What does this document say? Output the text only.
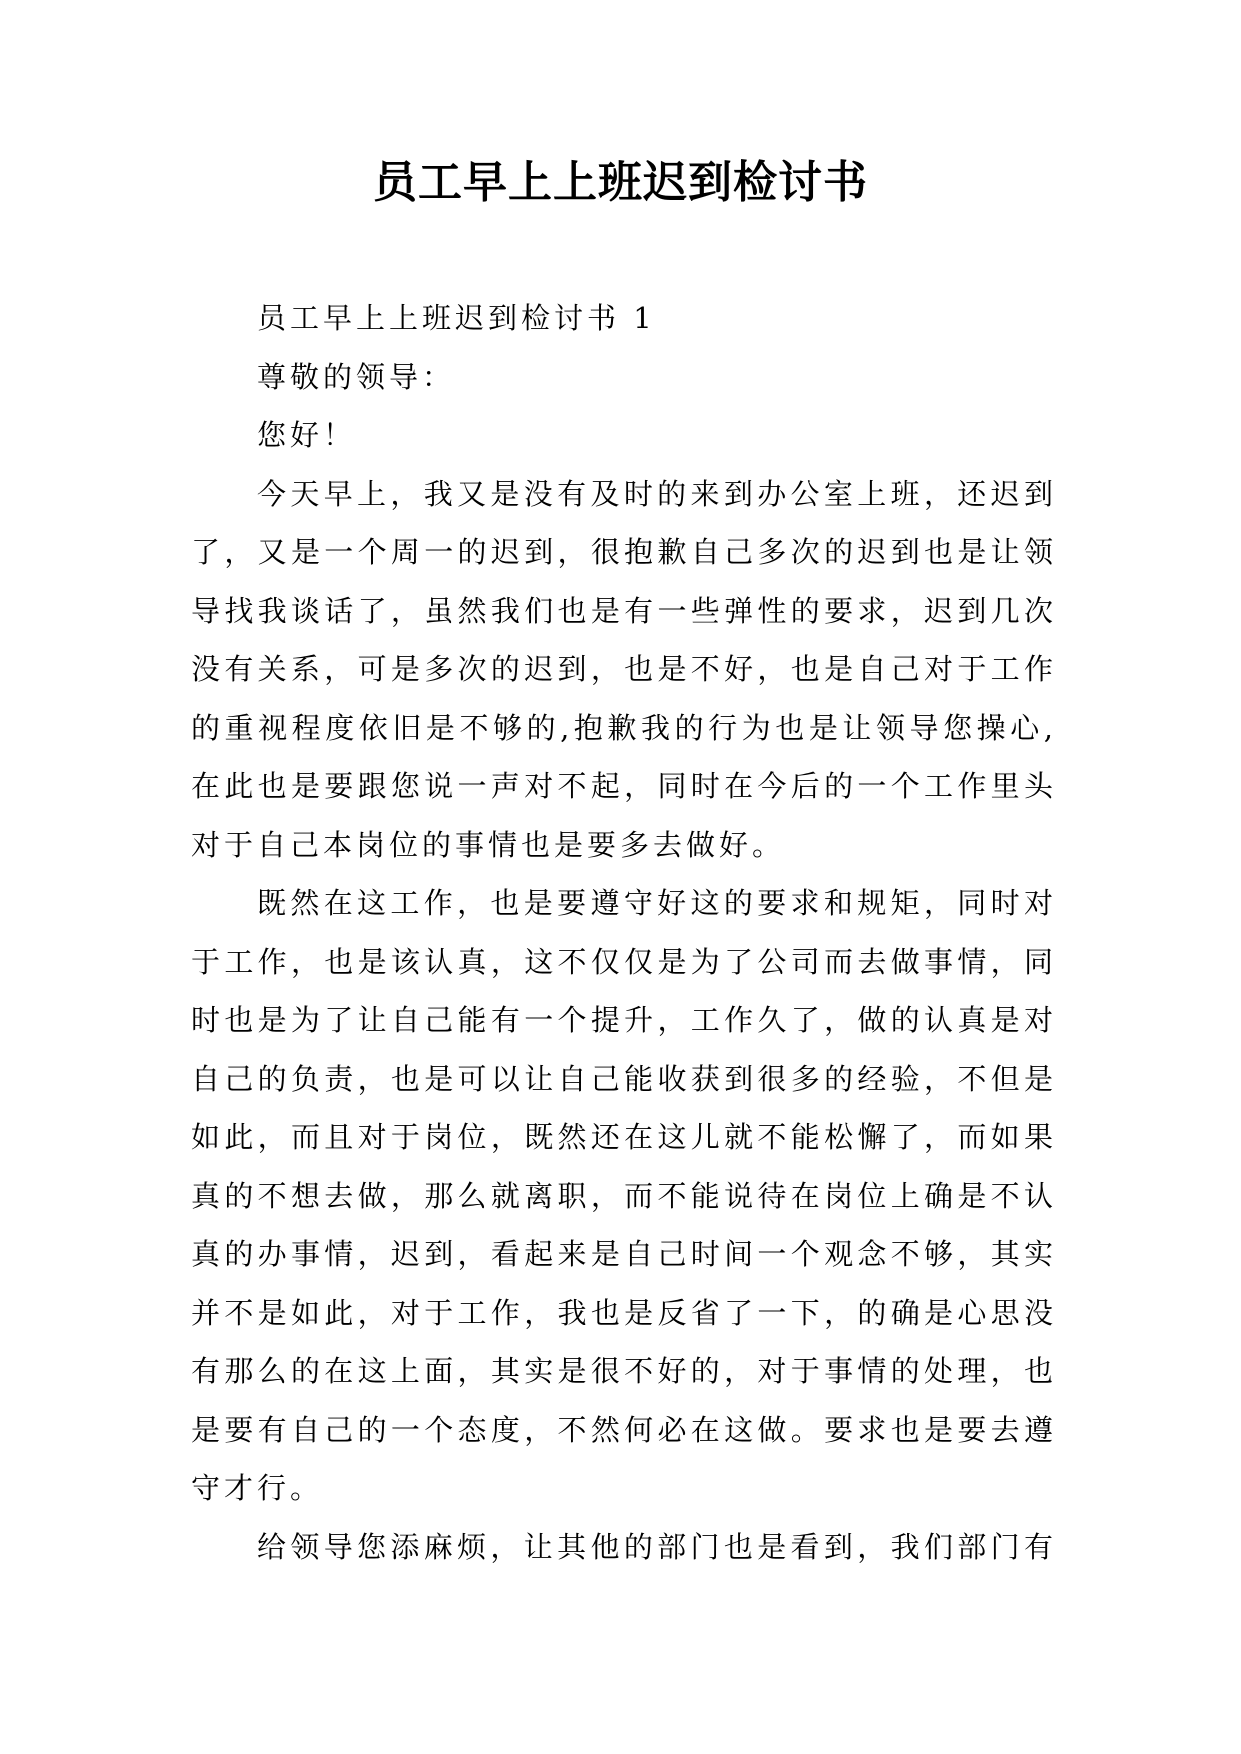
员工早上上班迟到检讨书
员工早上上班迟到检讨书 1
尊敬的领导：
您好！
今天早上，我又是没有及时的来到办公室上班，还迟到
了，又是一个周一的迟到，很抱歉自己多次的迟到也是让领
导找我谈话了，虽然我们也是有一些弹性的要求，迟到几次
没有关系，可是多次的迟到，也是不好，也是自己对于工作
的重视程度依旧是不够的,抱歉我的行为也是让领导您操心,
在此也是要跟您说一声对不起，同时在今后的一个工作里头
对于自己本岗位的事情也是要多去做好。
既然在这工作，也是要遵守好这的要求和规矩，同时对
于工作，也是该认真，这不仅仅是为了公司而去做事情，同
时也是为了让自己能有一个提升，工作久了，做的认真是对
自己的负责，也是可以让自己能收获到很多的经验，不但是
如此，而且对于岗位，既然还在这儿就不能松懈了，而如果
真的不想去做，那么就离职，而不能说待在岗位上确是不认
真的办事情，迟到，看起来是自己时间一个观念不够，其实
并不是如此，对于工作，我也是反省了一下，的确是心思没
有那么的在这上面，其实是很不好的，对于事情的处理，也
是要有自己的一个态度，不然何必在这做。要求也是要去遵
守才行。
给领导您添麻烦，让其他的部门也是看到，我们部门有
